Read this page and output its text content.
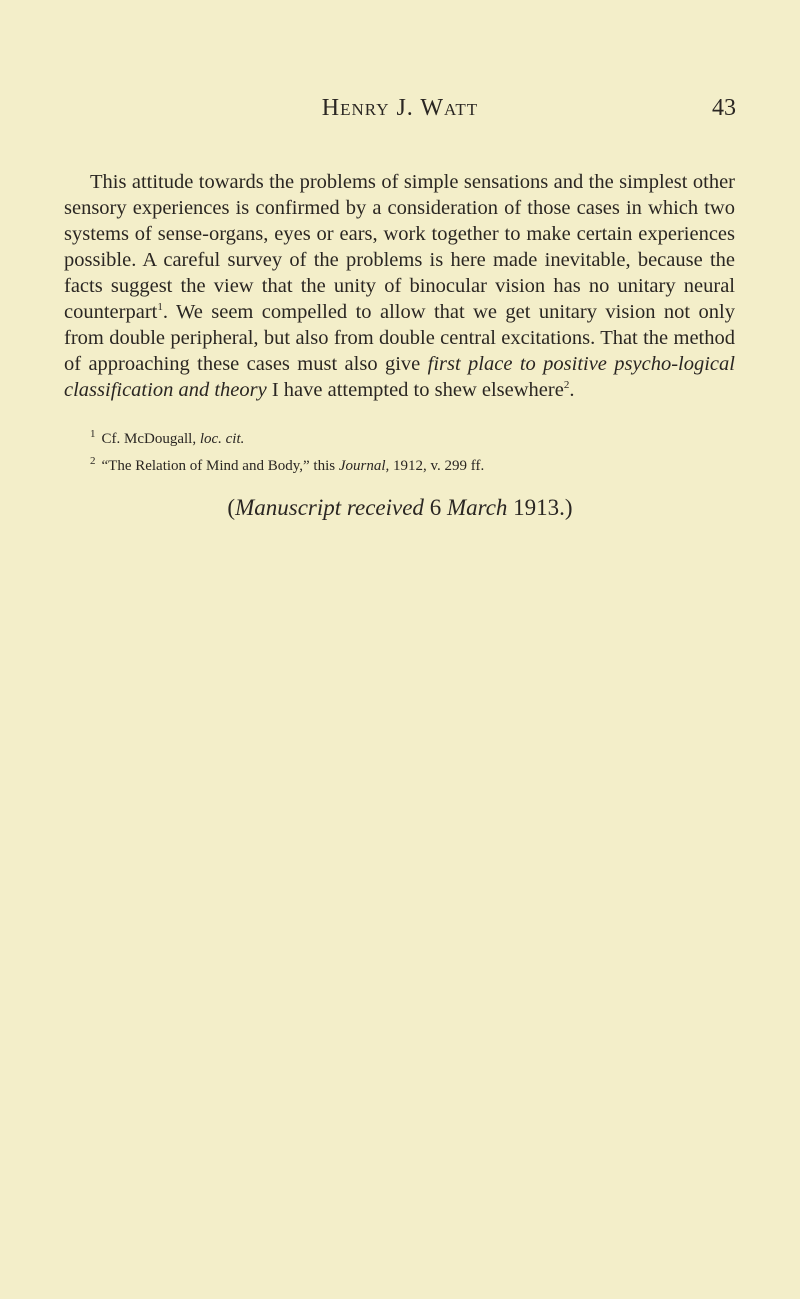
Henry J. Watt	43

This attitude towards the problems of simple sensations and the simplest other sensory experiences is confirmed by a consideration of those cases in which two systems of sense-organs, eyes or ears, work together to make certain experiences possible. A careful survey of the problems is here made inevitable, because the facts suggest the view that the unity of binocular vision has no unitary neural counterpart$^1$. We seem compelled to allow that we get unitary vision not only from double peripheral, but also from double central excitations. That the method of approaching these cases must also give first place to positive psycho-logical classification and theory I have attempted to shew elsewhere$^2$.

$^1$ Cf. McDougall, loc. cit.

$^2$ “The Relation of Mind and Body,” this Journal, 1912, v. 299 ff.

(Manuscript received 6 March 1913.)
